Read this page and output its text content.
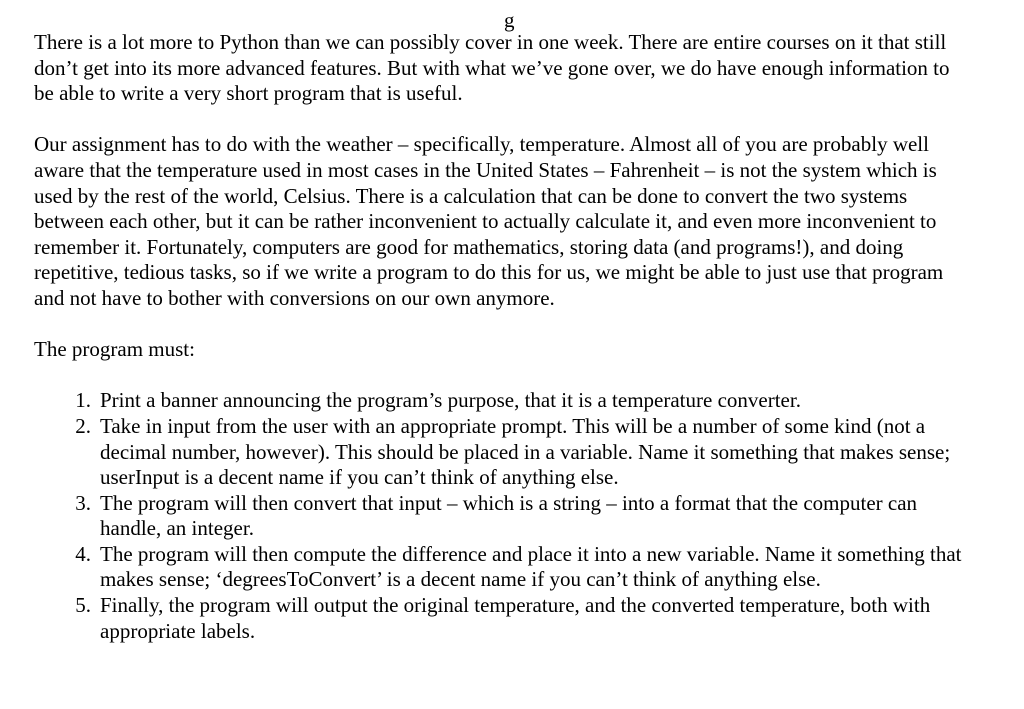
g

There is a lot more to Python than we can possibly cover in one week. There are entire courses on it that still don’t get into its more advanced features. But with what we’ve gone over, we do have enough information to be able to write a very short program that is useful.

Our assignment has to do with the weather – specifically, temperature. Almost all of you are probably well aware that the temperature used in most cases in the United States – Fahrenheit – is not the system which is used by the rest of the world, Celsius. There is a calculation that can be done to convert the two systems between each other, but it can be rather inconvenient to actually calculate it, and even more inconvenient to remember it. Fortunately, computers are good for mathematics, storing data (and programs!), and doing repetitive, tedious tasks, so if we write a program to do this for us, we might be able to just use that program and not have to bother with conversions on our own anymore.

The program must:

1. Print a banner announcing the program’s purpose, that it is a temperature converter.
2. Take in input from the user with an appropriate prompt. This will be a number of some kind (not a decimal number, however). This should be placed in a variable. Name it something that makes sense; userInput is a decent name if you can’t think of anything else.
3. The program will then convert that input – which is a string – into a format that the computer can handle, an integer.
4. The program will then compute the difference and place it into a new variable. Name it something that makes sense; ‘degreesToConvert’ is a decent name if you can’t think of anything else.
5. Finally, the program will output the original temperature, and the converted temperature, both with appropriate labels.
